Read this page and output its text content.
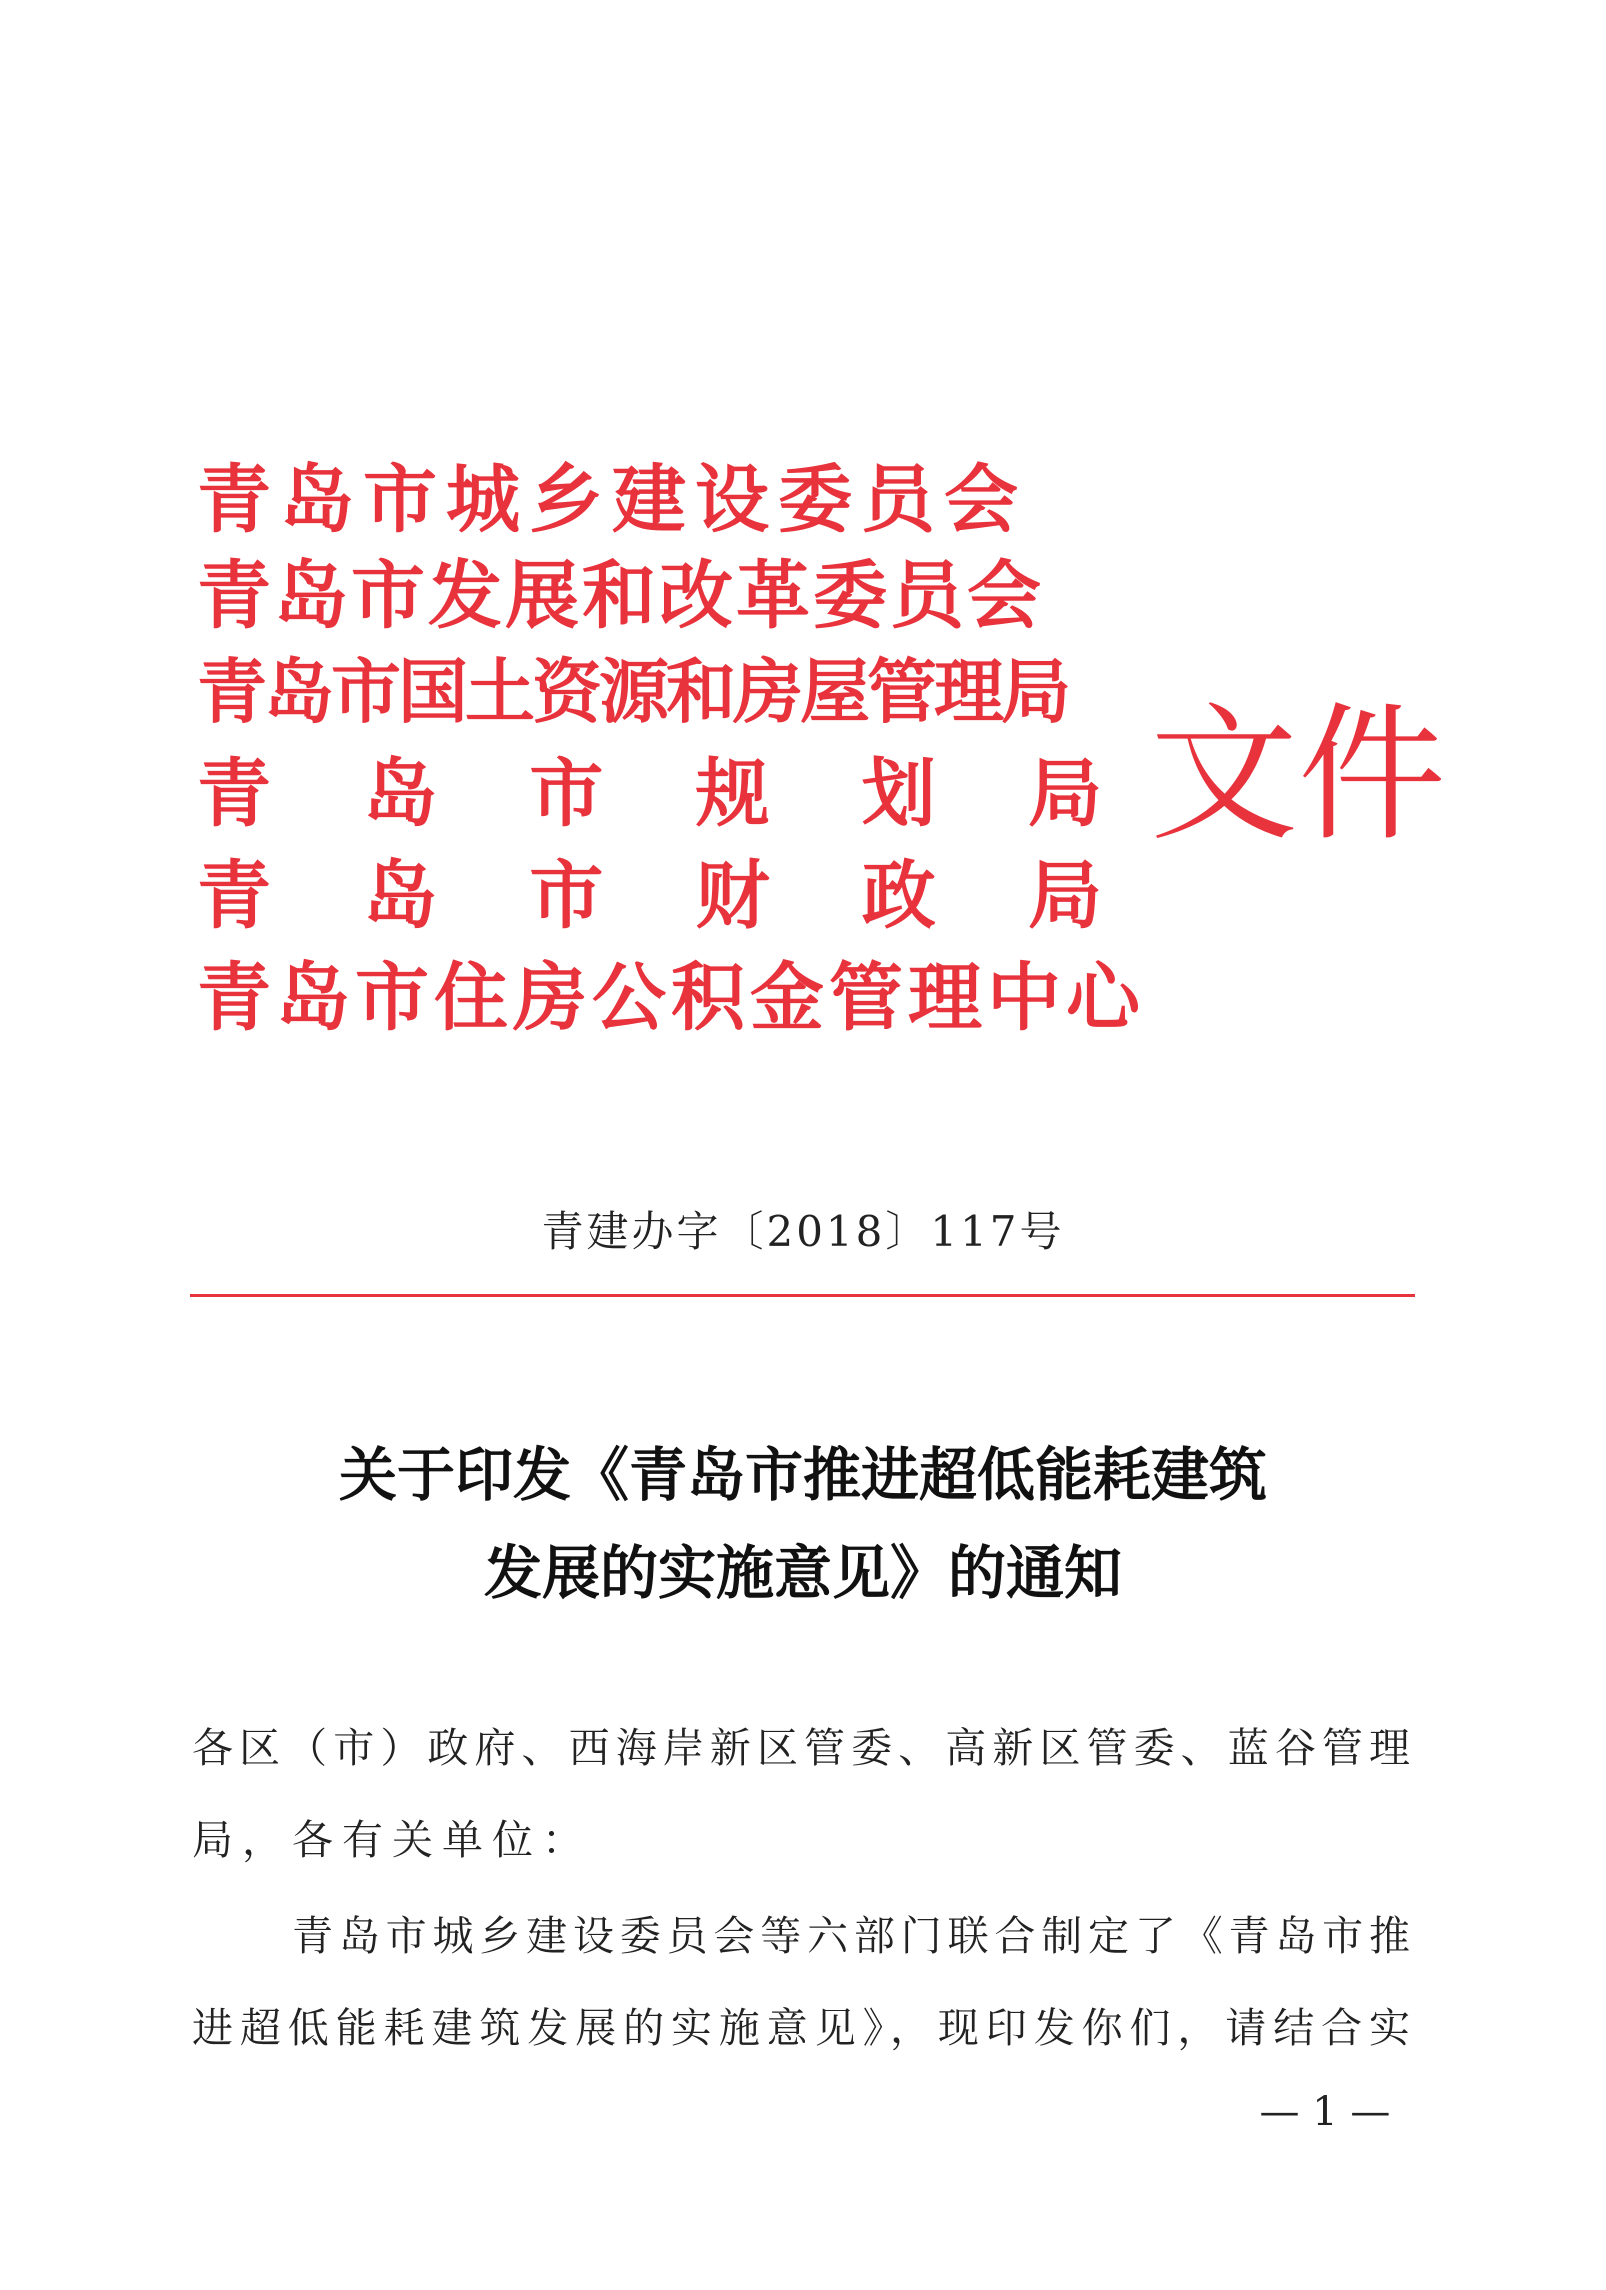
青岛市城乡建设委员会
青岛市发展和改革委员会
青岛市国土资源和房屋管理局
青 岛 市 规 划 局
青 岛 市 财 政 局
青岛市住房公积金管理中心
文件
青建办字〔2018〕117号
关于印发《青岛市推进超低能耗建筑
发展的实施意见》的通知
各区（市）政府、西海岸新区管委、高新区管委、蓝谷管理
局，各有关单位：
青岛市城乡建设委员会等六部门联合制定了《青岛市推
进超低能耗建筑发展的实施意见》，现印发你们，请结合实
— 1 —
